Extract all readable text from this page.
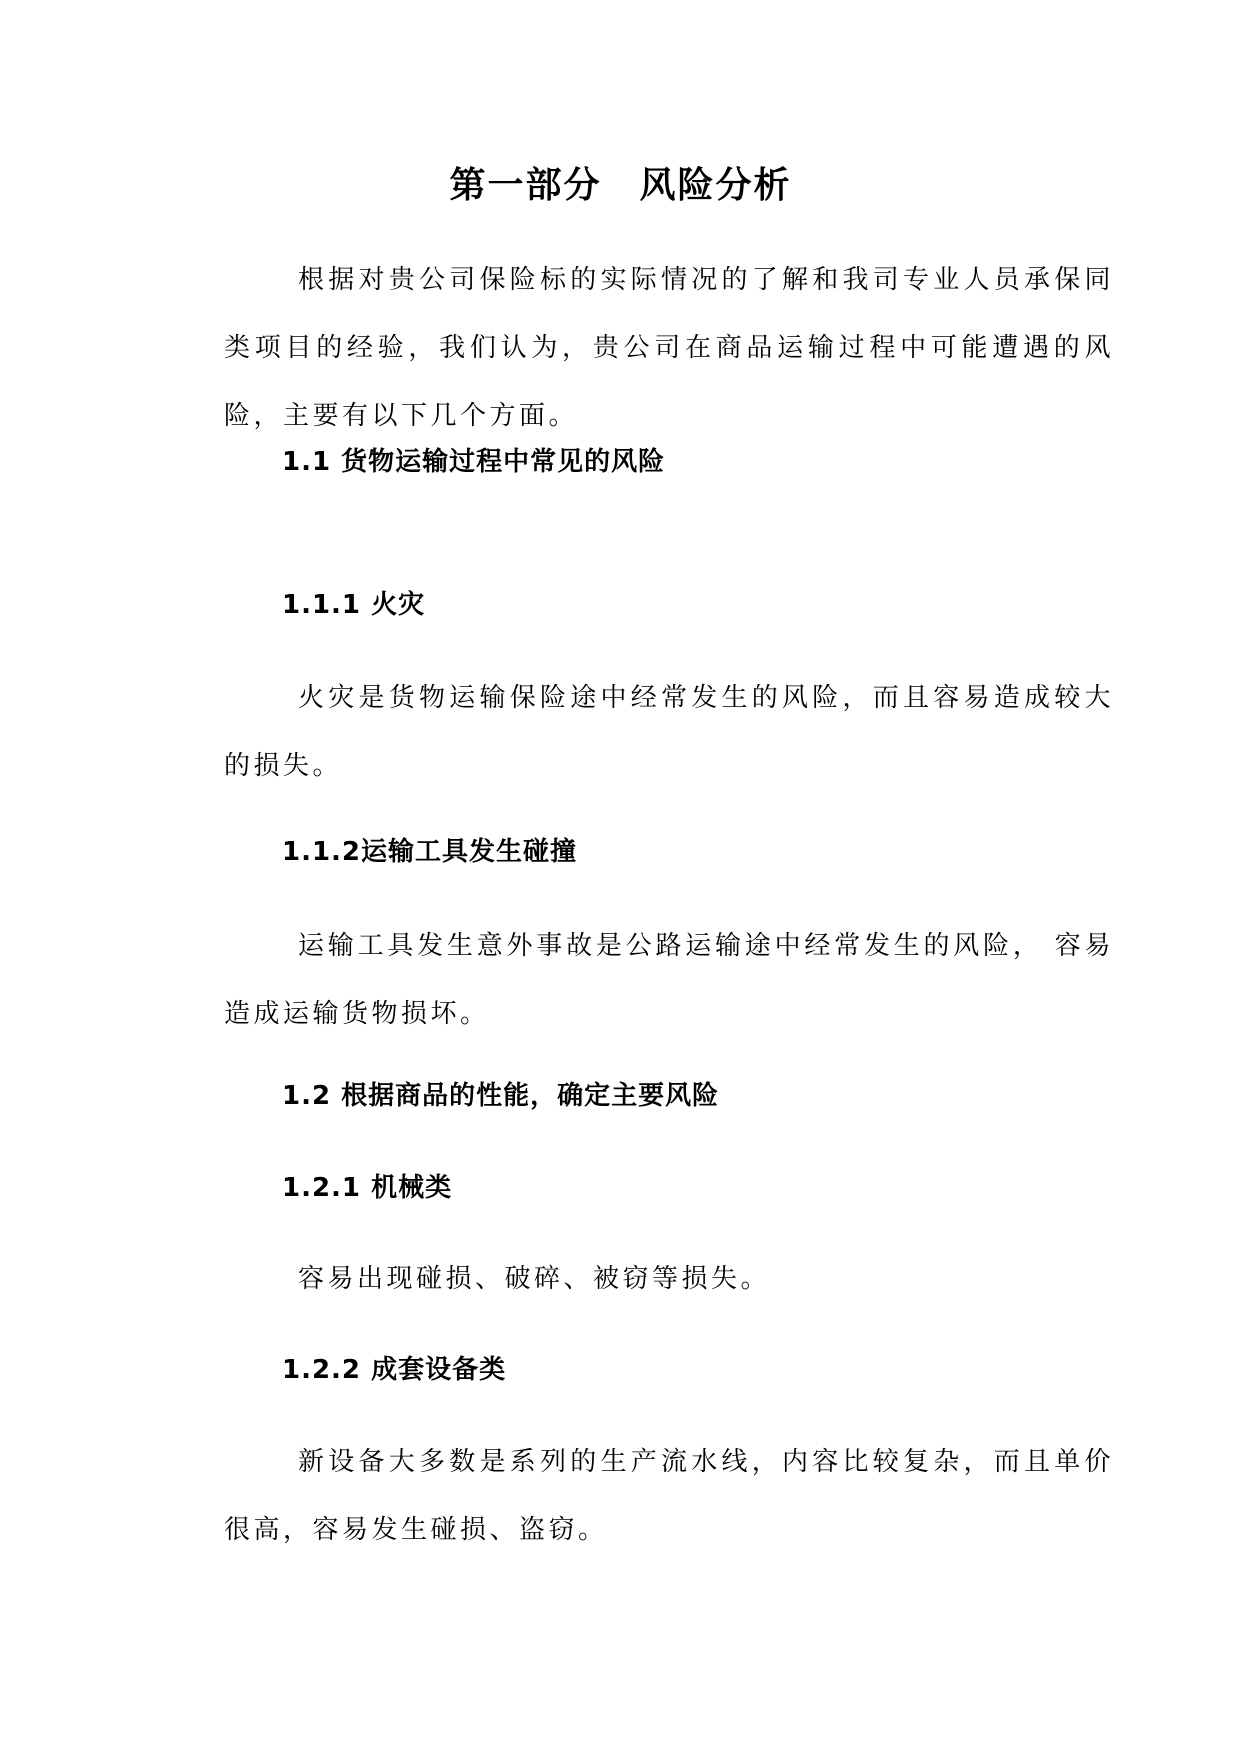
第一部分　风险分析
根据对贵公司保险标的实际情况的了解和我司专业人员承保同类项目的经验，我们认为，贵公司在商品运输过程中可能遭遇的风险，主要有以下几个方面。
1.1 货物运输过程中常见的风险
1.1.1 火灾
火灾是货物运输保险途中经常发生的风险，而且容易造成较大的损失。
1.1.2运输工具发生碰撞
运输工具发生意外事故是公路运输途中经常发生的风险， 容易造成运输货物损坏。
1.2 根据商品的性能，确定主要风险
1.2.1 机械类
容易出现碰损、破碎、被窃等损失。
1.2.2 成套设备类
新设备大多数是系列的生产流水线，内容比较复杂，而且单价很高，容易发生碰损、盗窃。
